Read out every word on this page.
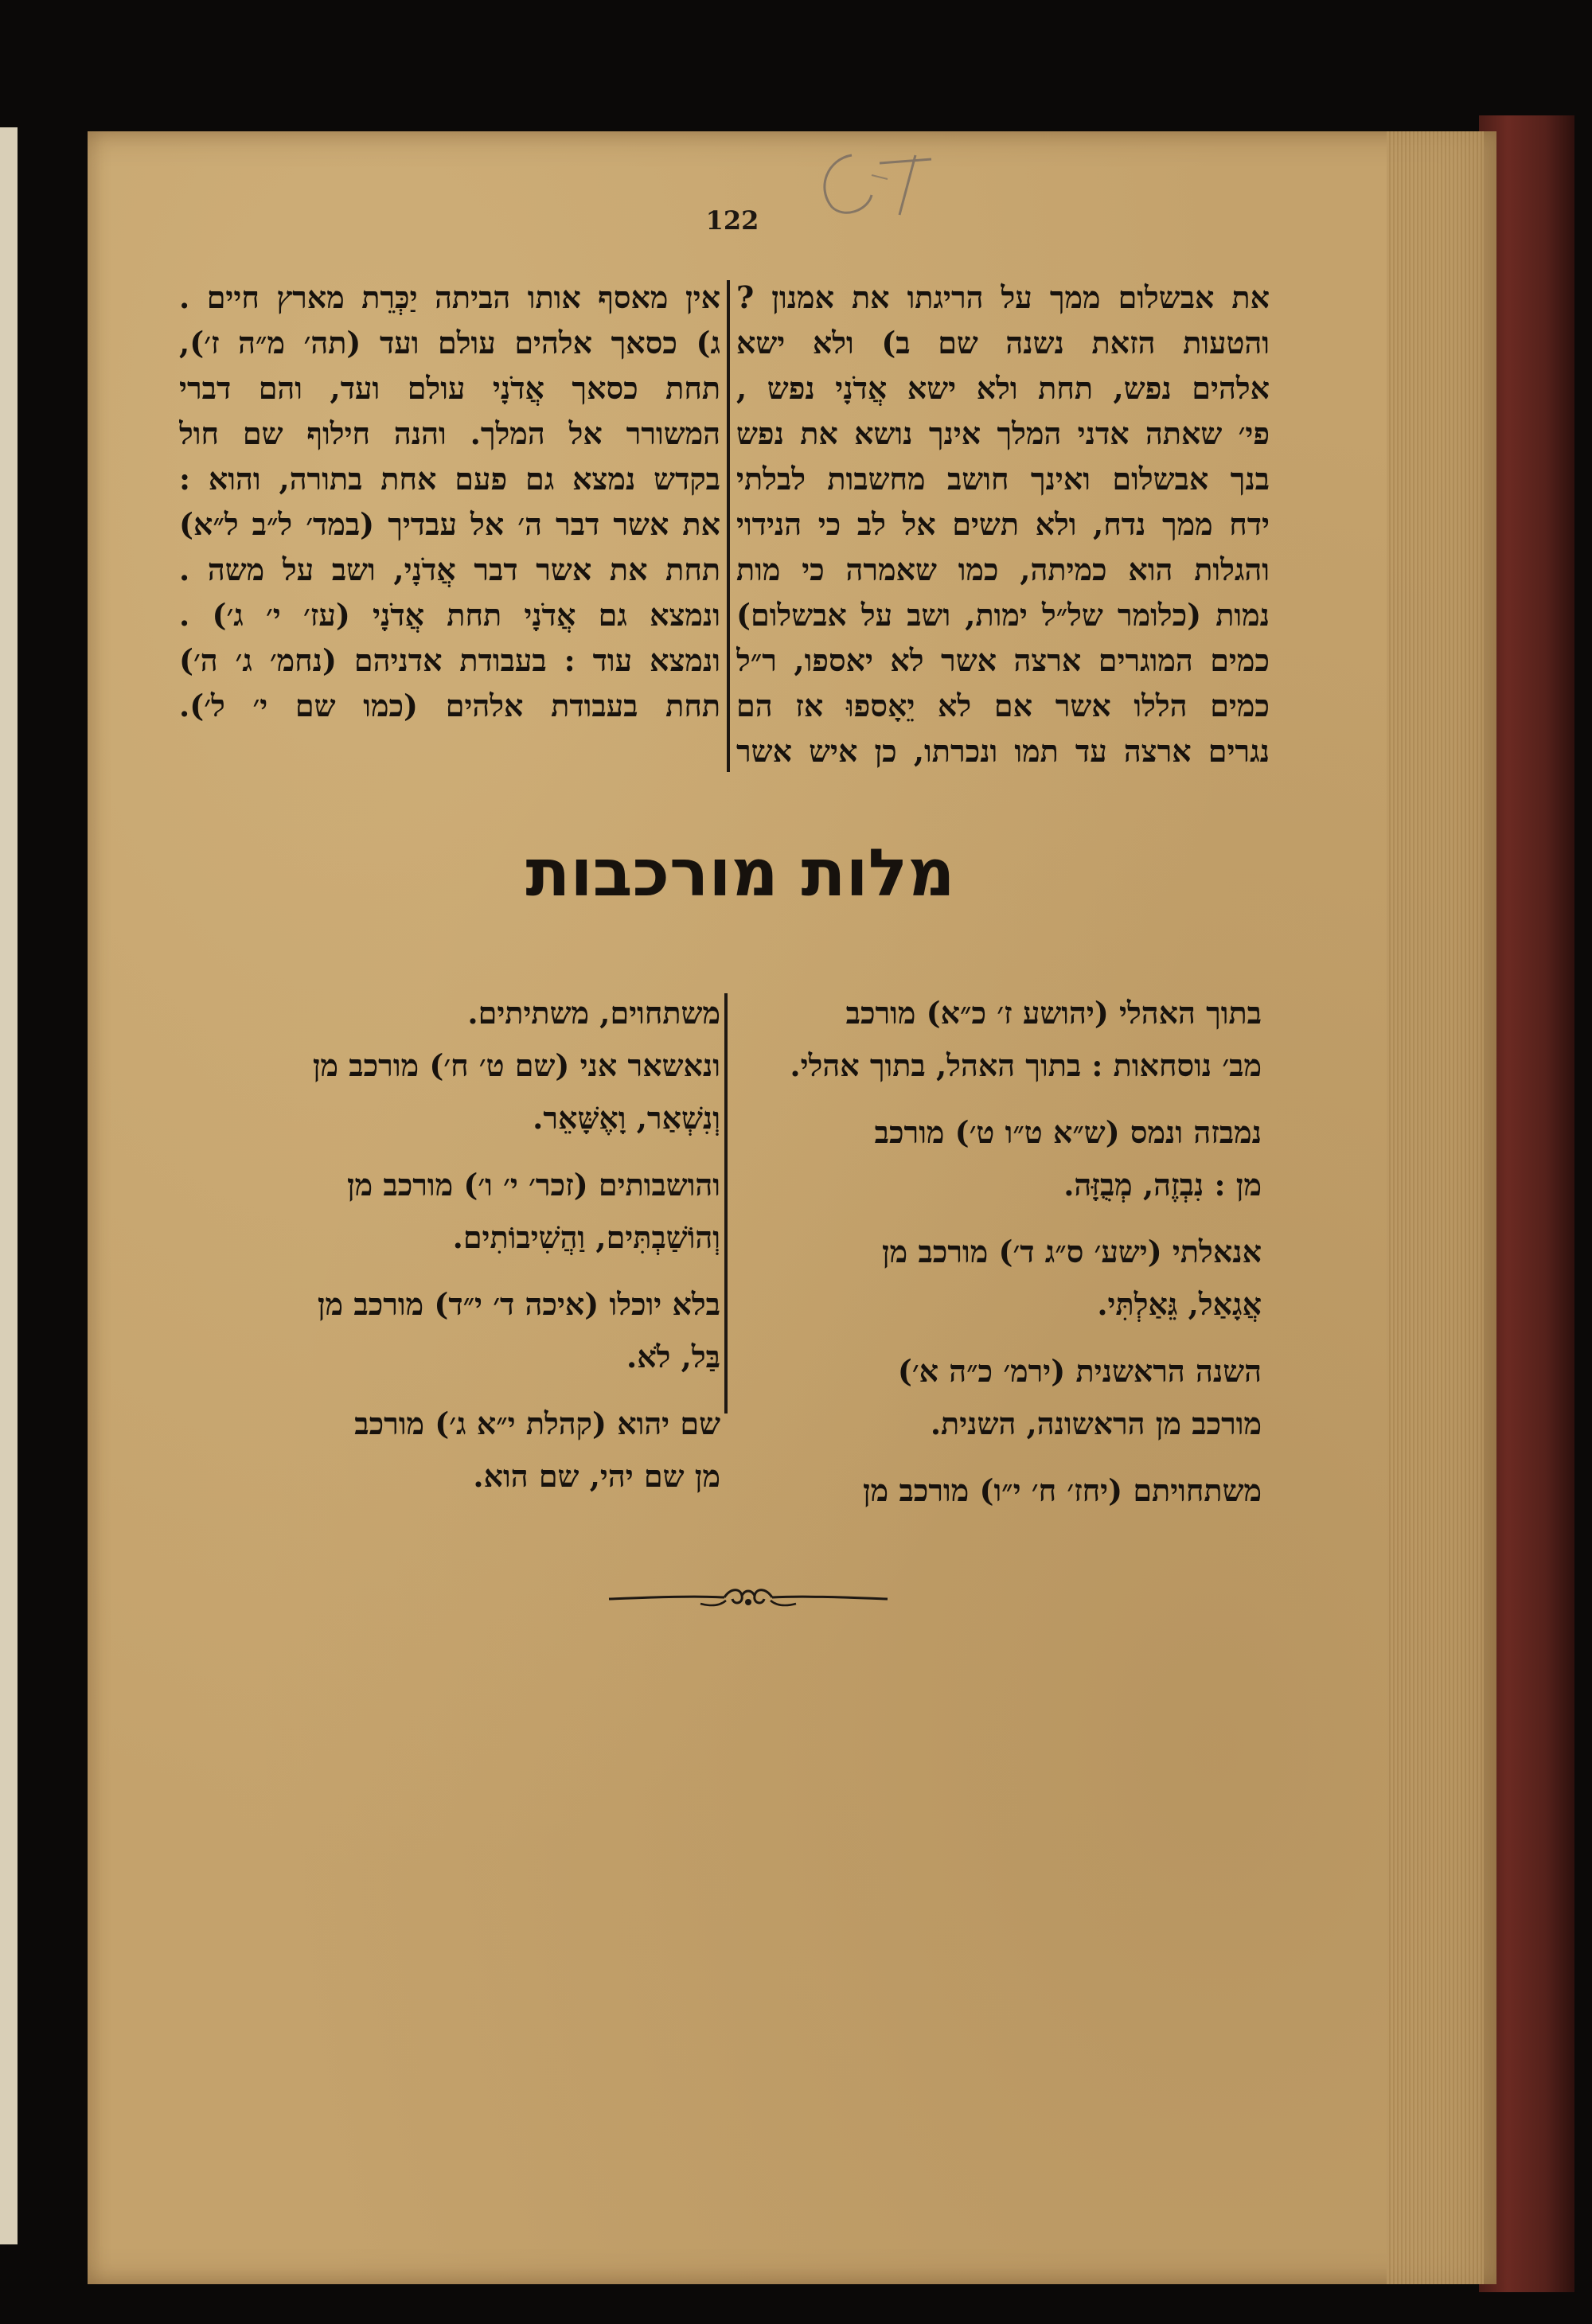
122
את אבשלום ממך על הריגתו את אמנון ?
והטעות הזאת נשנה שם ב) ולא ישא
אלהים נפש, תחת ולא ישא אֲדֹנָי נפש ,
פי׳ שאתה אדני המלך אינך נושא את נפש
בנך אבשלום ואינך חושב מחשבות לבלתי
ידח ממך נדח, ולא תשים אל לב כי הנידוי
והגלות הוא כמיתה, כמו שאמרה כי מות
נמות (כלומר של״ל ימות, ושב על אבשלום)
כמים המוגרים ארצה אשר לא יאספו, ר״ל
כמים הללו אשר אם לא יֵאָספוּ אז הם
נגרים ארצה עד תמו ונכרתו, כן איש אשר
אין מאסף אותו הביתה יַכְּרֵת מארץ חיים .
ג) כסאך אלהים עולם ועד (תה׳ מ״ה ז׳),
תחת כסאך אֲדֹנָי עולם ועד, והם דברי
המשורר אל המלך. והנה חילוף שם חול
בקדש נמצא גם פעם אחת בתורה, והוא :
את אשר דבר ה׳ אל עבדיך (במד׳ ל״ב ל״א)
תחת את אשר דבר אֲדֹנָי, ושב על משה .
ונמצא גם אֲדֹנָי תחת אֲדֹנָי (עז׳ י׳ ג׳) .
ונמצא עוד : בעבודת אדניהם (נחמ׳ ג׳ ה׳)
תחת בעבודת אלהים (כמו שם י׳ ל׳).
מלות מורכבות
בתוך האהלי (יהושע ז׳ כ״א) מורכב
מב׳ נוסחאות : בתוך האהל, בתוך אהלי.
נמבזה ונמס (ש״א ט״ו ט׳) מורכב
מן : נִבְזֶה, מְבֻזָּה.
אנאלתי (ישע׳ ס״ג ד׳) מורכב מן
אֲגָאַל, גֵּאַלְתִּי.
השנה הראשנית (ירמ׳ כ״ה א׳)
מורכב מן הראשונה, השנית.
משתחויתם (יחז׳ ח׳ י״ו) מורכב מן
משתחוים, משתיתים.
ונאשאר אני (שם ט׳ ח׳) מורכב מן
וְנִשְׁאַר, וָאֶשָּׁאֵר.
והושבותים (זכר׳ י׳ ו׳) מורכב מן
וְהוֹשַׁבְתִּים, וַהֲשִׁיבוֹתִים.
בלא יוכלו (איכה ד׳ י״ד) מורכב מן
בַּל, לֹא.
שם יהוא (קהלת י״א ג׳) מורכב
מן שם יהי, שם הוא.
